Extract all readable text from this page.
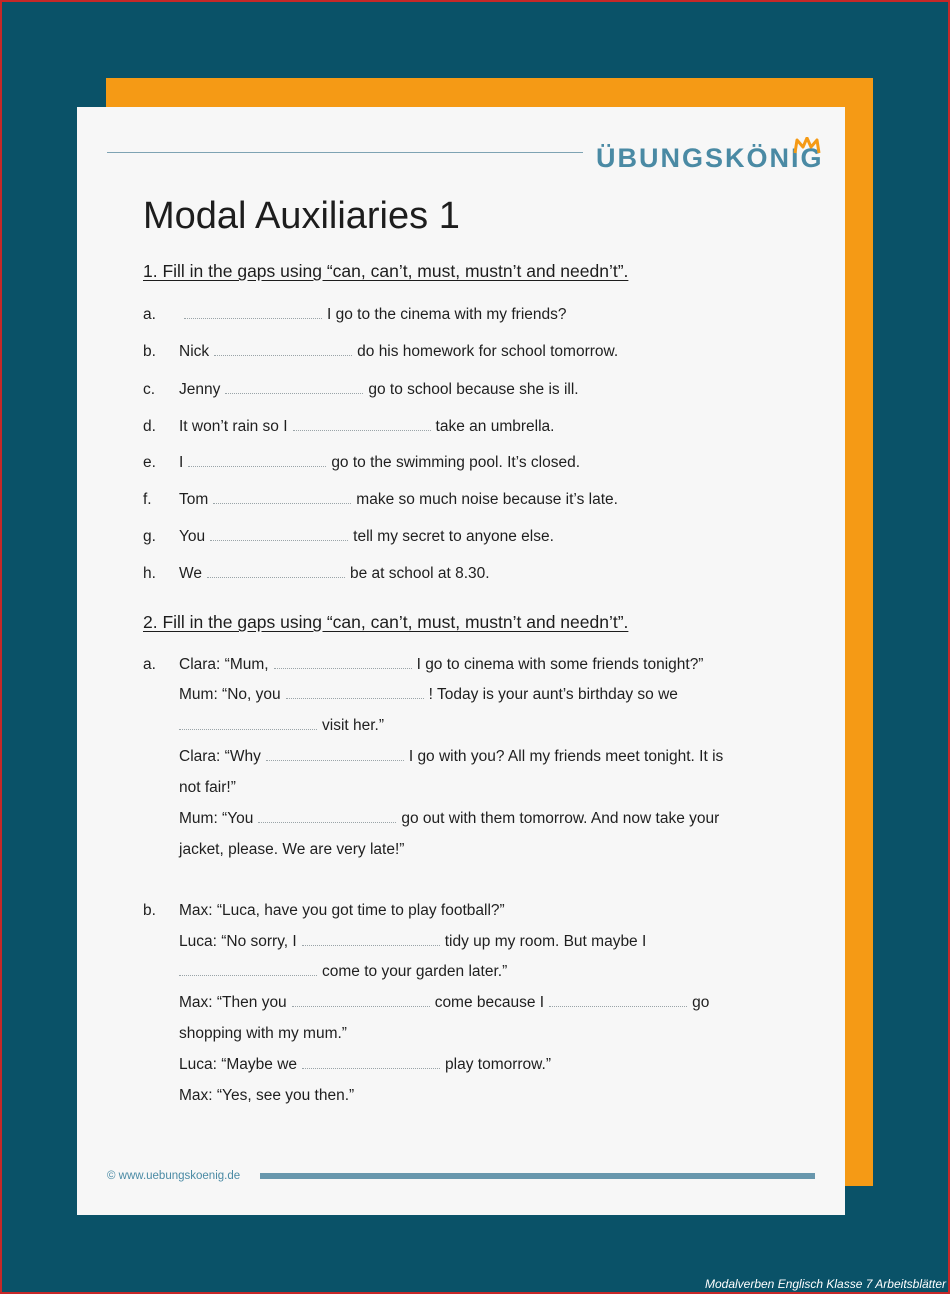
ÜBUNGSKÖNIG
Modal Auxiliaries 1
1. Fill in the gaps using “can, can’t, must, mustn’t and needn’t”.
a.	I go to the cinema with my friends?
b. Nick	do his homework for school tomorrow.
c. Jenny	go to school because she is ill.
d. It won’t rain so I	take an umbrella.
e. I	go to the swimming pool. It’s closed.
f. Tom	make so much noise because it’s late.
g. You	tell my secret to anyone else.
h. We	be at school at 8.30.
2. Fill in the gaps using “can, can’t, must, mustn’t and needn’t”.
a. Clara: “Mum,	I go to cinema with some friends tonight?”
Mum: “No, you	! Today is your aunt’s birthday so we
visit her.”
Clara: “Why	I go with you? All my friends meet tonight. It is
not fair!”
Mum: “You	go out with them tomorrow. And now take your
jacket, please. We are very late!”
b. Max: “Luca, have you got time to play football?”
Luca: “No sorry, I	tidy up my room. But maybe I
come to your garden later.”
Max: “Then you	come because I	go
shopping with my mum.”
Luca: “Maybe we	play tomorrow.”
Max: “Yes, see you then.”
© www.uebungskoenig.de
Modalverben Englisch Klasse 7 Arbeitsblätter
